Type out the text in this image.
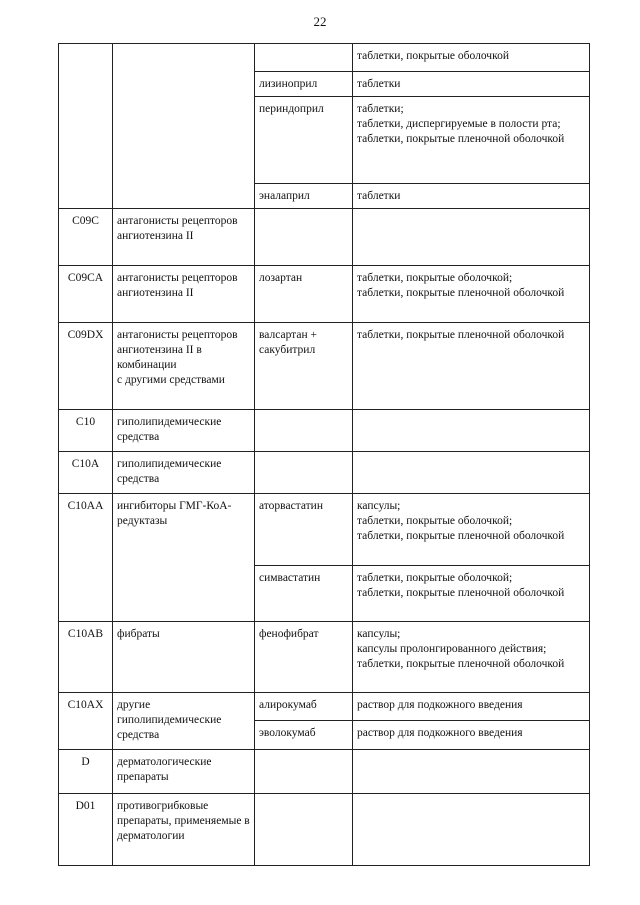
22
			таблетки, покрытые оболочкой
		лизиноприл	таблетки
		периндоприл	таблетки;
таблетки, диспергируемые в полости рта;
таблетки, покрытые пленочной оболочкой
		эналаприл	таблетки
C09C	антагонисты рецепторов ангиотензина II		
C09CA	антагонисты рецепторов ангиотензина II	лозартан	таблетки, покрытые оболочкой;
таблетки, покрытые пленочной оболочкой
C09DX	антагонисты рецепторов ангиотензина II в комбинации
с другими средствами	валсартан + сакубитрил	таблетки, покрытые пленочной оболочкой
C10	гиполипидемические средства		
C10A	гиполипидемические средства		
C10AA	ингибиторы ГМГ-КоА-редуктазы	аторвастатин	капсулы;
таблетки, покрытые оболочкой;
таблетки, покрытые пленочной оболочкой
		симвастатин	таблетки, покрытые оболочкой;
таблетки, покрытые пленочной оболочкой
C10AB	фибраты	фенофибрат	капсулы;
капсулы пролонгированного действия;
таблетки, покрытые пленочной оболочкой
C10AX	другие гиполипидемические средства	алирокумаб	раствор для подкожного введения
		эволокумаб	раствор для подкожного введения
D	дерматологические препараты		
D01	противогрибковые препараты, применяемые в дерматологии		
